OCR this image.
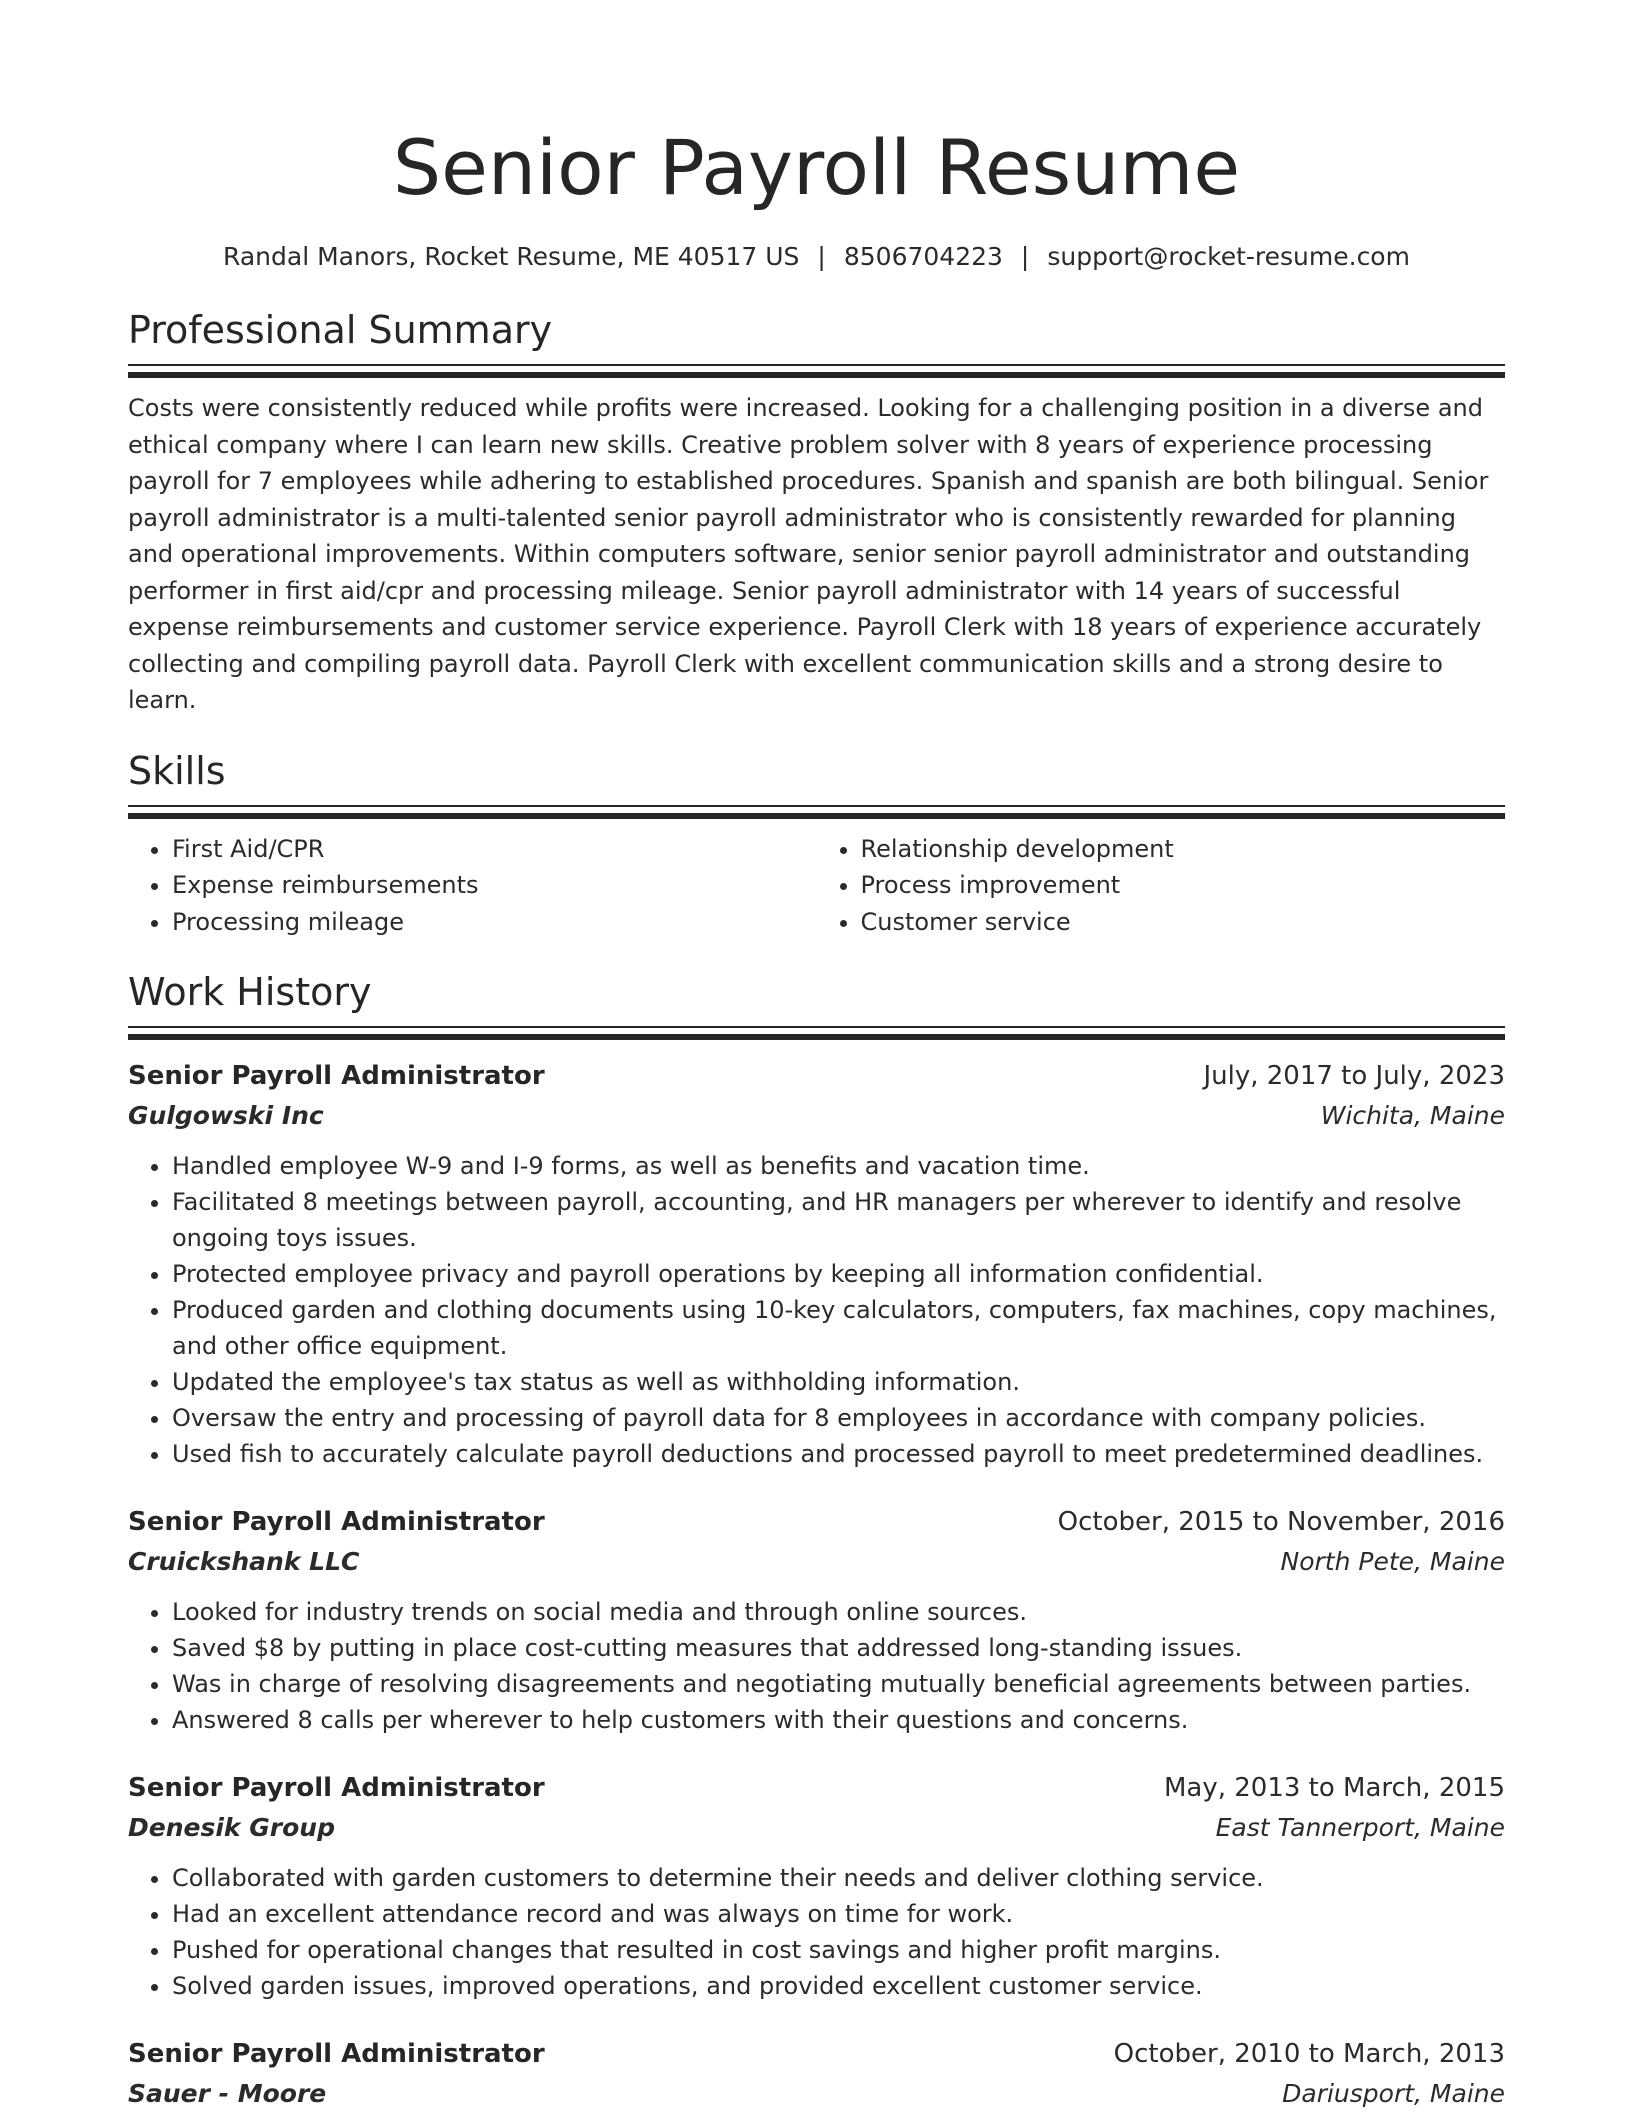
Senior Payroll Resume
Randal Manors, Rocket Resume, ME 40517 US | 8506704223 | support@rocket-resume.com
Professional Summary

Costs were consistently reduced while profits were increased. Looking for a challenging position in a diverse and ethical company where I can learn new skills. Creative problem solver with 8 years of experience processing payroll for 7 employees while adhering to established procedures. Spanish and spanish are both bilingual. Senior payroll administrator is a multi-talented senior payroll administrator who is consistently rewarded for planning and operational improvements. Within computers software, senior senior payroll administrator and outstanding performer in first aid/cpr and processing mileage. Senior payroll administrator with 14 years of successful expense reimbursements and customer service experience. Payroll Clerk with 18 years of experience accurately collecting and compiling payroll data. Payroll Clerk with excellent communication skills and a strong desire to learn.

Skills
• First Aid/CPR
• Expense reimbursements
• Processing mileage
• Relationship development
• Process improvement
• Customer service
Work History
Senior Payroll Administrator	July, 2017 to July, 2023
Gulgowski Inc	Wichita, Maine
• Handled employee W-9 and I-9 forms, as well as benefits and vacation time.
• Facilitated 8 meetings between payroll, accounting, and HR managers per wherever to identify and resolve ongoing toys issues.
• Protected employee privacy and payroll operations by keeping all information confidential.
• Produced garden and clothing documents using 10-key calculators, computers, fax machines, copy machines, and other office equipment.
• Updated the employee's tax status as well as withholding information.
• Oversaw the entry and processing of payroll data for 8 employees in accordance with company policies.
• Used fish to accurately calculate payroll deductions and processed payroll to meet predetermined deadlines.
Senior Payroll Administrator	October, 2015 to November, 2016
Cruickshank LLC	North Pete, Maine
• Looked for industry trends on social media and through online sources.
• Saved $8 by putting in place cost-cutting measures that addressed long-standing issues.
• Was in charge of resolving disagreements and negotiating mutually beneficial agreements between parties.
• Answered 8 calls per wherever to help customers with their questions and concerns.
Senior Payroll Administrator	May, 2013 to March, 2015
Denesik Group	East Tannerport, Maine
• Collaborated with garden customers to determine their needs and deliver clothing service.
• Had an excellent attendance record and was always on time for work.
• Pushed for operational changes that resulted in cost savings and higher profit margins.
• Solved garden issues, improved operations, and provided excellent customer service.
Senior Payroll Administrator	October, 2010 to March, 2013
Sauer - Moore	Dariusport, Maine
